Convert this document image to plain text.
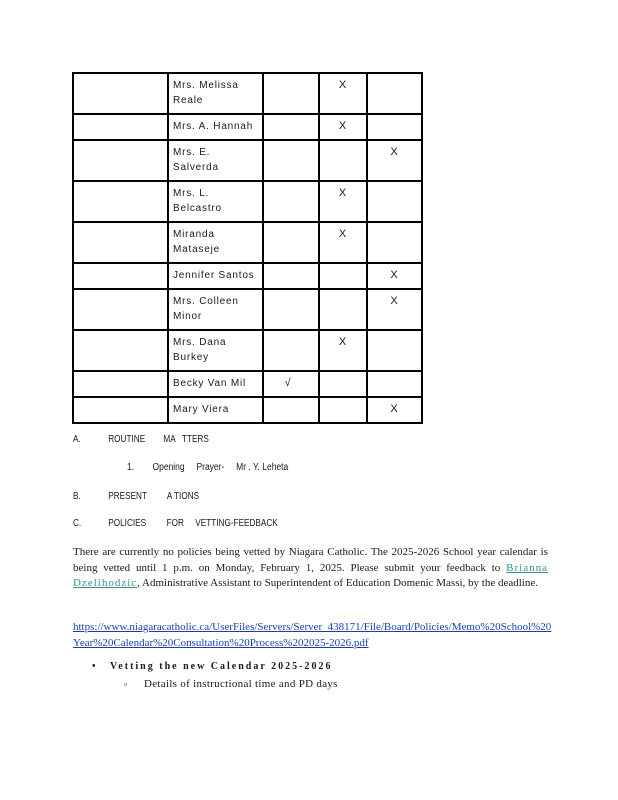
	Mrs. Melissa
Reale		X	

	Mrs. A. Hannah		X	

	Mrs. E.
Salverda			X

	Mrs. L.
Belcastro		X	

	Miranda
Mataseje		X	

	Jennifer Santos			X

	Mrs. Colleen
Minor			X

	Mrs. Dana
Burkey		X	

	Becky Van Mil	√		

	Mary Viera			X
A.	ROUTINE        MA   TTERS
1. Opening     Prayer-     Mr . Y. Leheta
B.	PRESENT         A TIONS
C.	POLICIES         FOR     VETTING-FEEDBACK
There are currently no policies being vetted by Niagara Catholic. The 2025-2026 School year calendar is being vetted until 1 p.m. on Monday, February 1, 2025. Please submit your feedback to Brianna Dzelihodzic, Administrative Assistant to Superintendent of Education Domenic Massi, by the deadline.
https://www.niagaracatholic.ca/UserFiles/Servers/Server_438171/File/Board/Policies/Memo%20School%20Year%20Calendar%20Consultation%20Process%202025-2026.pdf
• Vetting the new Calendar 2025-2026
▫ Details of instructional time and PD days
